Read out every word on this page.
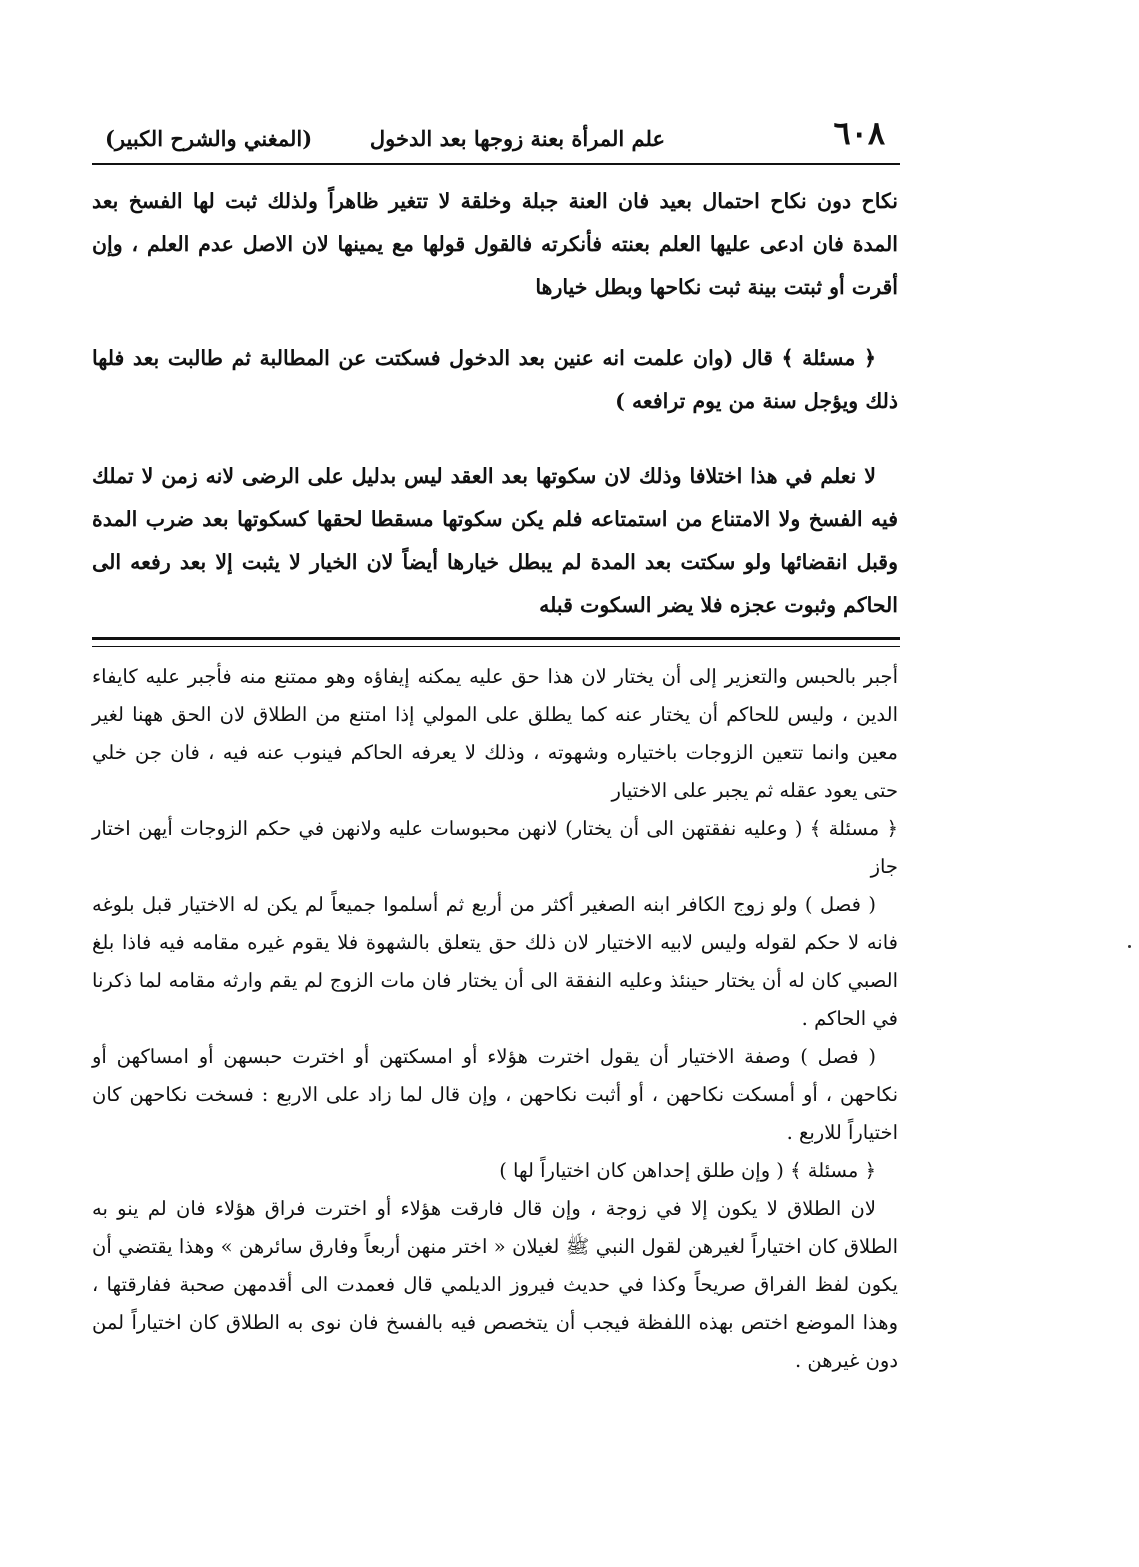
٦٠٨
علم المرأة بعنة زوجها بعد الدخول
(المغني والشرح الكبير)

نكاح دون نكاح احتمال بعيد فان العنة جبلة وخلقة لا تتغير ظاهراً ولذلك ثبت لها الفسخ بعد المدة فان ادعى عليها العلم بعنته فأنكرته فالقول قولها مع يمينها لان الاصل عدم العلم ، وإن أقرت أو ثبتت بينة ثبت نكاحها وبطل خيارها

﴿ مسئلة ﴾ قال (وان علمت انه عنين بعد الدخول فسكتت عن المطالبة ثم طالبت بعد فلها ذلك ويؤجل سنة من يوم ترافعه )

لا نعلم في هذا اختلافا وذلك لان سكوتها بعد العقد ليس بدليل على الرضى لانه زمن لا تملك فيه الفسخ ولا الامتناع من استمتاعه فلم يكن سكوتها مسقطا لحقها كسكوتها بعد ضرب المدة وقبل انقضائها ولو سكتت بعد المدة لم يبطل خيارها أيضاً لان الخيار لا يثبت إلا بعد رفعه الى الحاكم وثبوت عجزه فلا يضر السكوت قبله

أجبر بالحبس والتعزير إلى أن يختار لان هذا حق عليه يمكنه إيفاؤه وهو ممتنع منه فأجبر عليه كايفاء الدين ، وليس للحاكم أن يختار عنه كما يطلق على المولي إذا امتنع من الطلاق لان الحق ههنا لغير معين وانما تتعين الزوجات باختياره وشهوته ، وذلك لا يعرفه الحاكم فينوب عنه فيه ، فان جن خلي حتى يعود عقله ثم يجبر على الاختيار

﴿ مسئلة ﴾ ( وعليه نفقتهن الى أن يختار) لانهن محبوسات عليه ولانهن في حكم الزوجات أيهن اختار جاز

( فصل ) ولو زوج الكافر ابنه الصغير أكثر من أربع ثم أسلموا جميعاً لم يكن له الاختيار قبل بلوغه فانه لا حكم لقوله وليس لابيه الاختيار لان ذلك حق يتعلق بالشهوة فلا يقوم غيره مقامه فيه فاذا بلغ الصبي كان له أن يختار حينئذ وعليه النفقة الى أن يختار فان مات الزوج لم يقم وارثه مقامه لما ذكرنا في الحاكم .

( فصل ) وصفة الاختيار أن يقول اخترت هؤلاء أو امسكتهن أو اخترت حبسهن أو امساكهن أو نكاحهن ، أو أمسكت نكاحهن ، أو أثبت نكاحهن ، وإن قال لما زاد على الاربع : فسخت نكاحهن كان اختياراً للاربع .

﴿ مسئلة ﴾ ( وإن طلق إحداهن كان اختياراً لها )

لان الطلاق لا يكون إلا في زوجة ، وإن قال فارقت هؤلاء أو اخترت فراق هؤلاء فان لم ينو به الطلاق كان اختياراً لغيرهن لقول النبي ﷺ لغيلان « اختر منهن أربعاً وفارق سائرهن » وهذا يقتضي أن يكون لفظ الفراق صريحاً وكذا في حديث فيروز الديلمي قال فعمدت الى أقدمهن صحبة ففارقتها ، وهذا الموضع اختص بهذه اللفظة فيجب أن يتخصص فيه بالفسخ فان نوى به الطلاق كان اختياراً لمن دون غيرهن .
